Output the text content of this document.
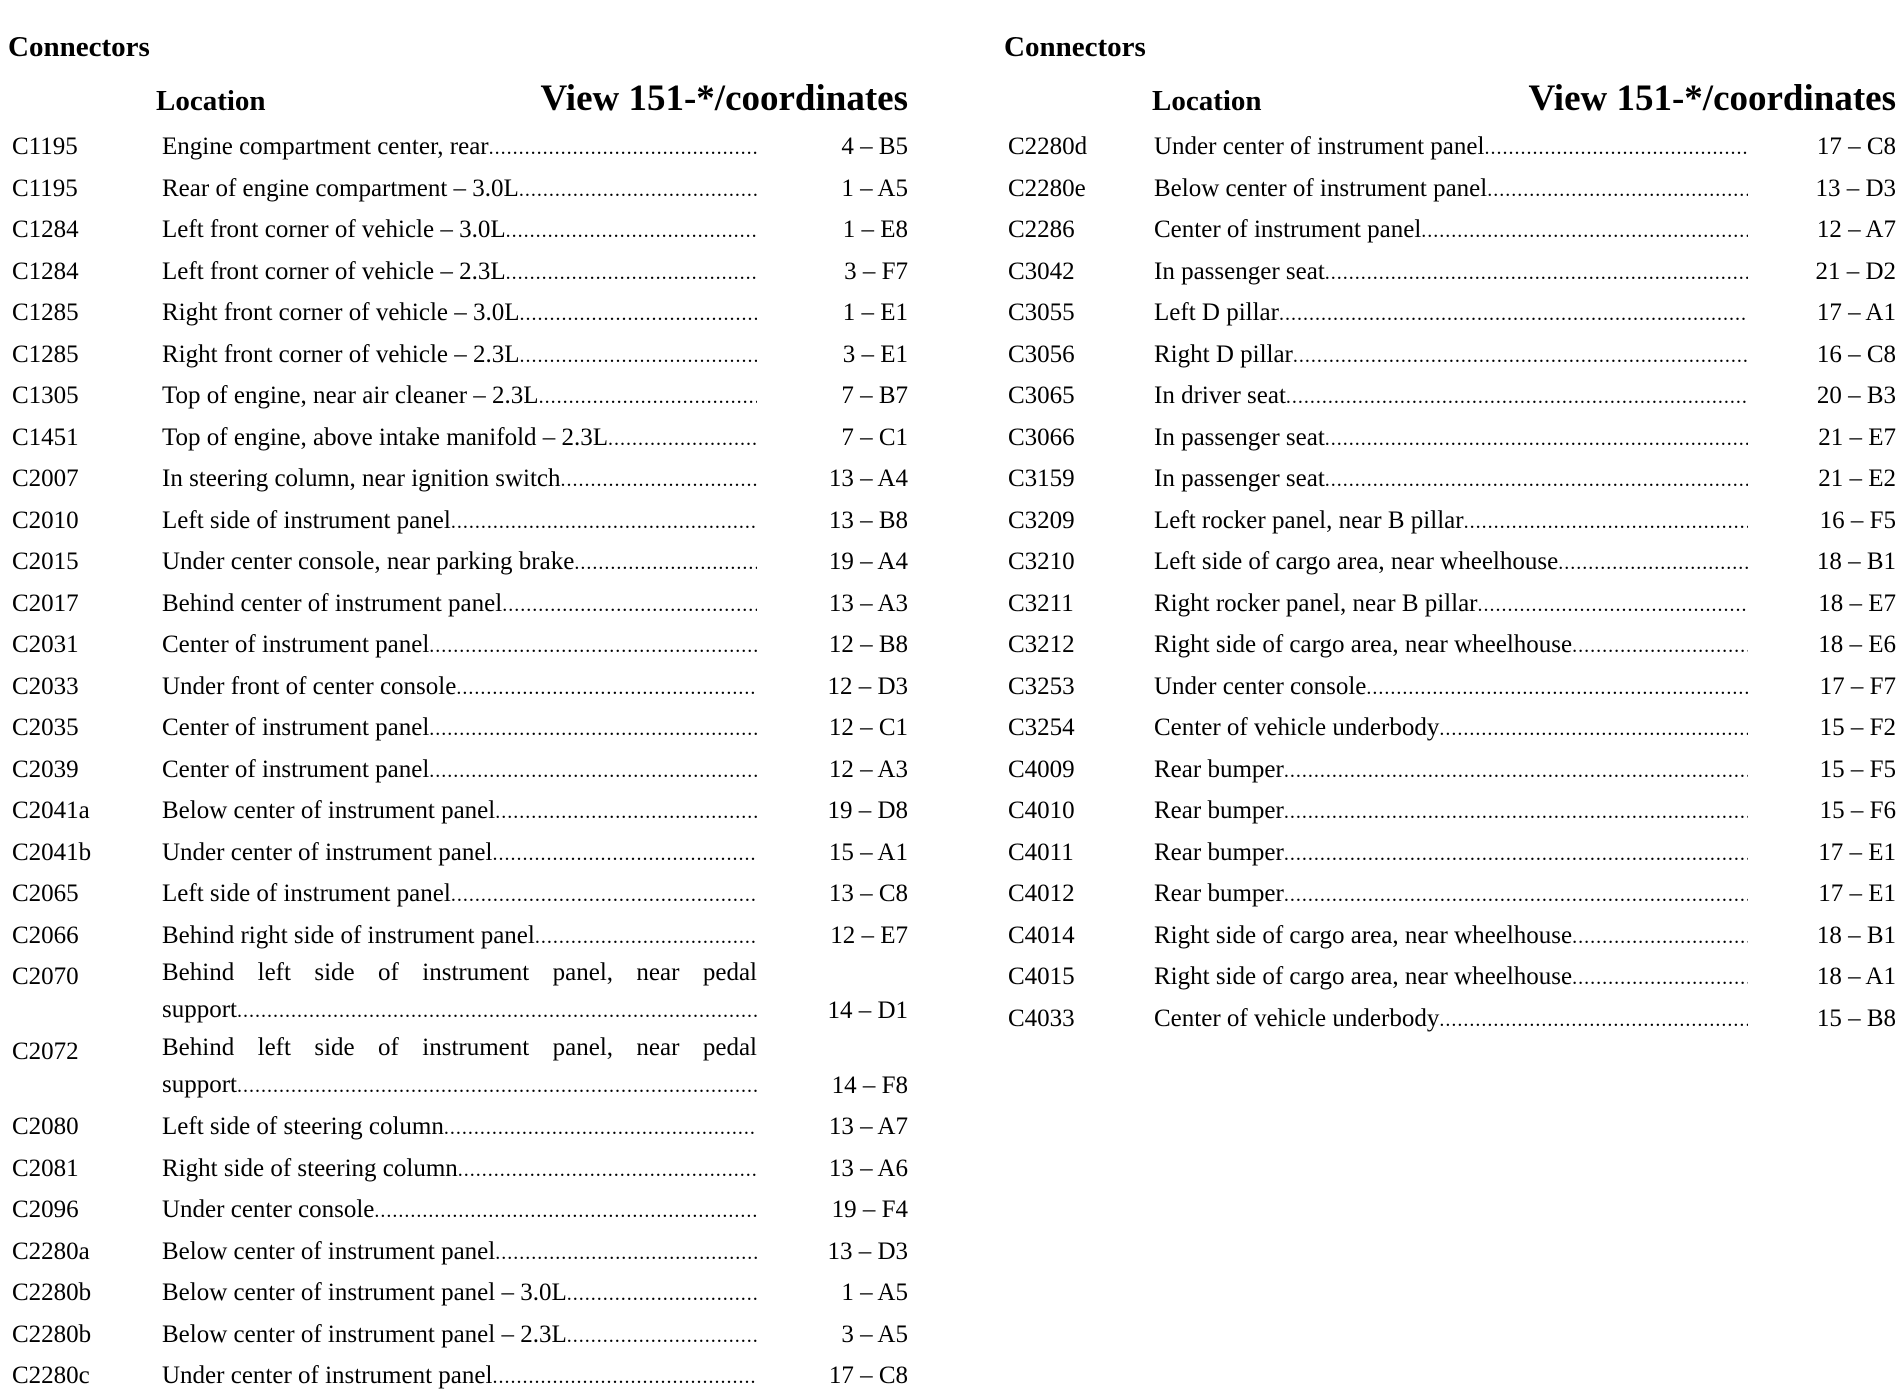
Connectors
Location	View 151-*/coordinates
C1195	Engine compartment center, rear .....	4 – B5
C1195	Rear of engine compartment – 3.0L .....	1 – A5
C1284	Left front corner of vehicle – 3.0L .....	1 – E8
C1284	Left front corner of vehicle – 2.3L .....	3 – F7
C1285	Right front corner of vehicle – 3.0L .....	1 – E1
C1285	Right front corner of vehicle – 2.3L .....	3 – E1
C1305	Top of engine, near air cleaner – 2.3L .....	7 – B7
C1451	Top of engine, above intake manifold – 2.3L .....	7 – C1
C2007	In steering column, near ignition switch .....	13 – A4
C2010	Left side of instrument panel .....	13 – B8
C2015	Under center console, near parking brake .....	19 – A4
C2017	Behind center of instrument panel .....	13 – A3
C2031	Center of instrument panel .....	12 – B8
C2033	Under front of center console .....	12 – D3
C2035	Center of instrument panel .....	12 – C1
C2039	Center of instrument panel .....	12 – A3
C2041a	Below center of instrument panel .....	19 – D8
C2041b	Under center of instrument panel .....	15 – A1
C2065	Left side of instrument panel .....	13 – C8
C2066	Behind right side of instrument panel .....	12 – E7
C2070	Behind left side of instrument panel, near pedal
support .....	14 – D1
C2072	Behind left side of instrument panel, near pedal
support .....	14 – F8
C2080	Left side of steering column .....	13 – A7
C2081	Right side of steering column .....	13 – A6
C2096	Under center console .....	19 – F4
C2280a	Below center of instrument panel .....	13 – D3
C2280b	Below center of instrument panel – 3.0L .....	1 – A5
C2280b	Below center of instrument panel – 2.3L .....	3 – A5
C2280c	Under center of instrument panel .....	17 – C8
Connectors
Location	View 151-*/coordinates
C2280d	Under center of instrument panel .....	17 – C8
C2280e	Below center of instrument panel .....	13 – D3
C2286	Center of instrument panel .....	12 – A7
C3042	In passenger seat .....	21 – D2
C3055	Left D pillar .....	17 – A1
C3056	Right D pillar .....	16 – C8
C3065	In driver seat .....	20 – B3
C3066	In passenger seat .....	21 – E7
C3159	In passenger seat .....	21 – E2
C3209	Left rocker panel, near B pillar .....	16 – F5
C3210	Left side of cargo area, near wheelhouse .....	18 – B1
C3211	Right rocker panel, near B pillar .....	18 – E7
C3212	Right side of cargo area, near wheelhouse .....	18 – E6
C3253	Under center console .....	17 – F7
C3254	Center of vehicle underbody .....	15 – F2
C4009	Rear bumper .....	15 – F5
C4010	Rear bumper .....	15 – F6
C4011	Rear bumper .....	17 – E1
C4012	Rear bumper .....	17 – E1
C4014	Right side of cargo area, near wheelhouse .....	18 – B1
C4015	Right side of cargo area, near wheelhouse .....	18 – A1
C4033	Center of vehicle underbody .....	15 – B8
